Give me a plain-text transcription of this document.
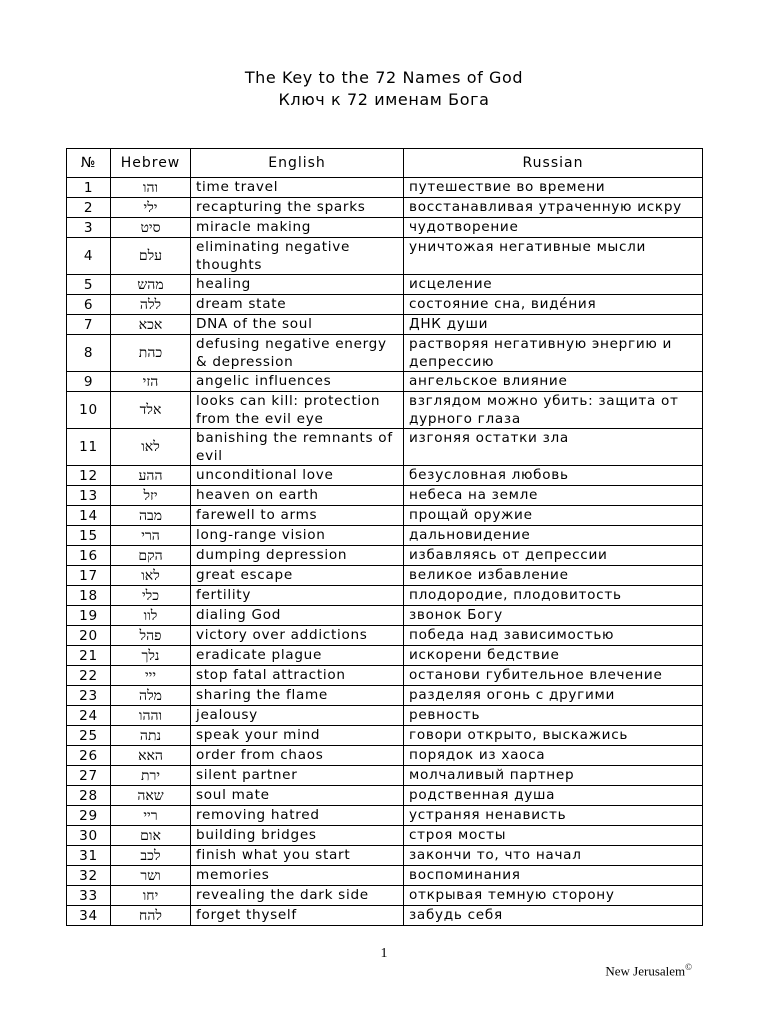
The Key to the 72 Names of God
Ключ к 72 именам Бога
№	Hebrew	English	Russian
1	והו	time travel	путешествие во времени
2	ילי	recapturing the sparks	восстанавливая утраченную искру
3	סיט	miracle making	чудотворение
4	עלם	eliminating negative thoughts	уничтожая негативные мысли
5	מהש	healing	исцеление
6	ללה	dream state	состояние сна, виде́ния
7	אכא	DNA of the soul	ДНК души
8	כהת	defusing negative energy & depression	растворяя негативную энергию и депрессию
9	הזי	angelic influences	ангельское влияние
10	אלד	looks can kill: protection from the evil eye	взглядом можно убить: защита от дурного глаза
11	לאו	banishing the remnants of evil	изгоняя остатки зла
12	ההע	unconditional love	безусловная любовь
13	יזל	heaven on earth	небеса на земле
14	מבה	farewell to arms	прощай оружие
15	הרי	long-range vision	дальновидение
16	הקם	dumping depression	избавляясь от депрессии
17	לאו	great escape	великое избавление
18	כלי	fertility	плодородие, плодовитость
19	לוו	dialing God	звонок Богу
20	פהל	victory over addictions	победа над зависимостью
21	נלך	eradicate plague	искорени бедствие
22	ייי	stop fatal attraction	останови губительное влечение
23	מלה	sharing the flame	разделяя огонь с другими
24	וההו	jealousy	ревность
25	נתה	speak your mind	говори открыто, выскажись
26	האא	order from chaos	порядок из хаоса
27	ירת	silent partner	молчаливый партнер
28	שאה	soul mate	родственная душа
29	ריי	removing hatred	устраняя ненависть
30	אום	building bridges	строя мосты
31	לכב	finish what you start	закончи то, что начал
32	ושר	memories	воспоминания
33	יחו	revealing the dark side	открывая темную сторону
34	להח	forget thyself	забудь себя
1
New Jerusalem©
